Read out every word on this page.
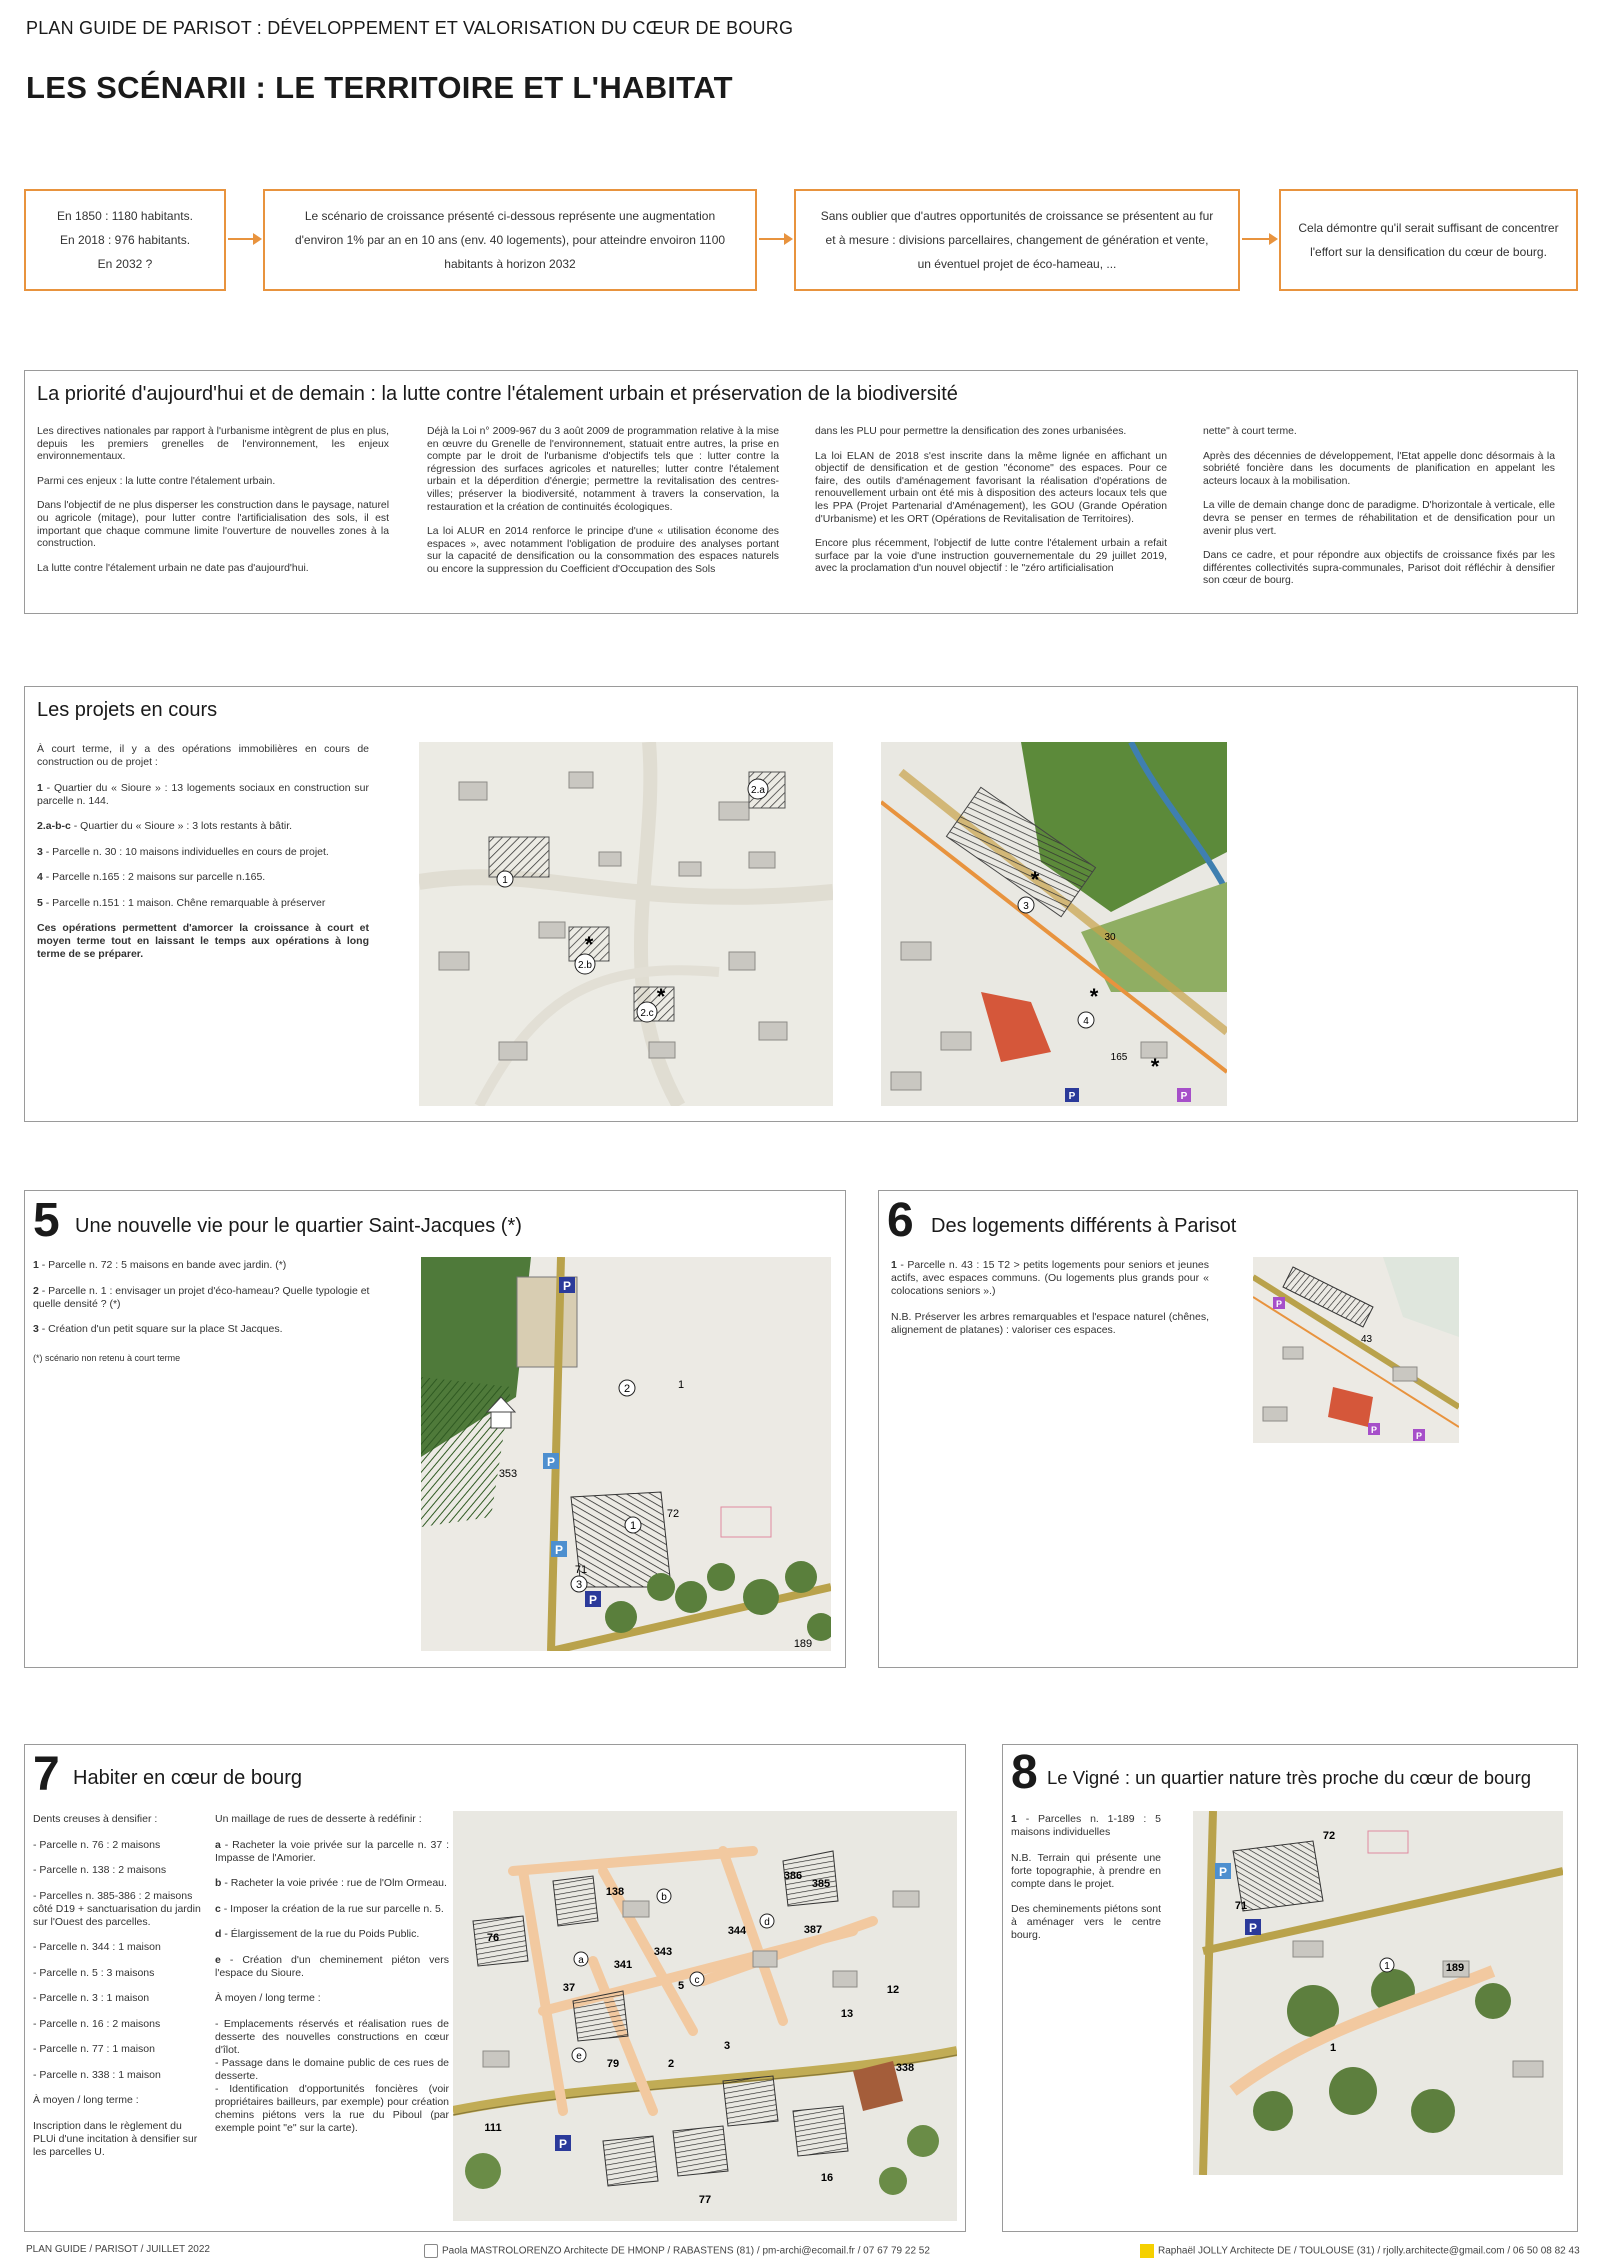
PLAN GUIDE DE PARISOT : DÉVELOPPEMENT ET VALORISATION DU CŒUR DE BOURG
LES SCÉNARII : LE TERRITOIRE ET L'HABITAT
En 1850 : 1180 habitants.
En 2018 : 976 habitants.
En 2032 ?
Le scénario de croissance présenté ci-dessous représente une augmentation
d'environ 1% par an en 10 ans (env. 40 logements), pour atteindre envoiron 1100
habitants à horizon 2032
Sans oublier que d'autres opportunités de croissance se présentent au fur
et à mesure : divisions parcellaires, changement de génération et vente,
un éventuel projet de éco-hameau, ...
Cela démontre qu'il serait suffisant de concentrer
l'effort sur la densification du cœur de bourg.
La priorité d'aujourd'hui et de demain : la lutte contre l'étalement urbain et préservation de la biodiversité

Les directives nationales par rapport à l'urbanisme intègrent de plus en plus, depuis les premiers grenelles de l'environnement, les enjeux environnementaux.

Parmi ces enjeux : la lutte contre l'étalement urbain.

Dans l'objectif de ne plus disperser les construction dans le paysage, naturel ou agricole (mitage), pour lutter contre l'artificialisation des sols, il est important que chaque commune limite l'ouverture de nouvelles zones à la construction.

La lutte contre l'étalement urbain ne date pas d'aujourd'hui.

Déjà la Loi n° 2009-967 du 3 août 2009 de programmation relative à la mise en œuvre du Grenelle de l'environnement, statuait entre autres, la prise en compte par le droit de l'urbanisme d'objectifs tels que : lutter contre la régression des surfaces agricoles et naturelles; lutter contre l'étalement urbain et la déperdition d'énergie; permettre la revitalisation des centres-villes; préserver la biodiversité, notamment à travers la conservation, la restauration et la création de continuités écologiques.

La loi ALUR en 2014 renforce le principe d'une « utilisation économe des espaces », avec notamment l'obligation de produire des analyses portant sur la capacité de densification ou la consommation des espaces naturels ou encore la suppression du Coefficient d'Occupation des Sols

dans les PLU pour permettre la densification des zones urbanisées.

La loi ELAN de 2018 s'est inscrite dans la même lignée en affichant un objectif de densification et de gestion "économe" des espaces. Pour ce faire, des outils d'aménagement favorisant la réalisation d'opérations de renouvellement urbain ont été mis à disposition des acteurs locaux tels que les PPA (Projet Partenarial d'Aménagement), les GOU (Grande Opération d'Urbanisme) et les ORT (Opérations de Revitalisation de Territoires).

Encore plus récemment, l'objectif de lutte contre l'étalement urbain a refait surface par la voie d'une instruction gouvernementale du 29 juillet 2019, avec la proclamation d'un nouvel objectif : le "zéro artificialisation

nette" à court terme.

Après des décennies de développement, l'Etat appelle donc désormais à la sobriété foncière dans les documents de planification en appelant les acteurs locaux à la mobilisation.

La ville de demain change donc de paradigme. D'horizontale à verticale, elle devra se penser en termes de réhabilitation et de densification pour un avenir plus vert.

Dans ce cadre, et pour répondre aux objectifs de croissance fixés par les différentes collectivités supra-communales, Parisot doit réfléchir à densifier son cœur de bourg.

Les projets en cours
À court terme, il y a des opérations immobilières en cours de construction ou de projet :
1 - Quartier du « Sioure » : 13 logements sociaux en construction sur parcelle n. 144.
2.a-b-c - Quartier du « Sioure » : 3 lots restants à bâtir.
3 - Parcelle n. 30 : 10 maisons individuelles en cours de projet.
4 - Parcelle n.165 : 2 maisons sur parcelle n.165.
5 - Parcelle n.151 : 1 maison. Chêne remarquable à préserver
Ces opérations permettent d'amorcer la croissance à court et moyen terme tout en laissant le temps aux opérations à long terme de se préparer.
1
2.a
2.b
2.c
*
*
3
4
30
165
*
*
*
P	P
5 Une nouvelle vie pour le quartier Saint-Jacques (*)
1 - Parcelle n. 72 : 5 maisons en bande avec jardin. (*)
2 - Parcelle n. 1 : envisager un projet d'éco-hameau? Quelle typologie et quelle densité ? (*)
3 - Création d'un petit square sur la place St Jacques.
(*) scénario non retenu à court terme
2	1
1
72
353
71
3
189
P
P
P
P
6 Des logements différents à Parisot
1 - Parcelle n. 43 : 15 T2 > petits logements pour seniors et jeunes actifs, avec espaces communs. (Ou logements plus grands pour « colocations seniors ».)
N.B. Préserver les arbres remarquables et l'espace naturel (chênes, alignement de platanes) : valoriser ces espaces.
43
P
P
P
7 Habiter en cœur de bourg
Dents creuses à densifier :
- Parcelle n. 76 : 2 maisons
- Parcelle n. 138 : 2 maisons
- Parcelles n. 385-386 : 2 maisons côté D19 + sanctuarisation du jardin sur l'Ouest des parcelles.
- Parcelle n. 344 : 1 maison
- Parcelle n. 5 : 3 maisons
- Parcelle n. 3 : 1 maison
- Parcelle n. 16 : 2 maisons
- Parcelle n. 77 : 1 maison
- Parcelle n. 338 : 1 maison
À moyen / long terme :
Inscription dans le règlement du PLUi d'une incitation à densifier sur les parcelles U.
Un maillage de rues de desserte à redéfinir :
a - Racheter la voie privée sur la parcelle n. 37 : Impasse de l'Amorier.
b - Racheter la voie privée : rue de l'Olm Ormeau.
c - Imposer la création de la rue sur parcelle n. 5.
d - Élargissement de la rue du Poids Public.
e - Création d'un cheminement piéton vers l'espace du Sioure.
À moyen / long terme :
- Emplacements réservés et réalisation rues de desserte des nouvelles constructions en cœur d'îlot.
- Passage dans le domaine public de ces rues de desserte.
- Identification d'opportunités foncières (voir propriétaires bailleurs, par exemple) pour création chemins piétons vers la rue du Piboul (par exemple point "e" sur la carte).
138
76
37
341
343
344
386
385
387
5
3
2
12
13
79	338
111
77
16
a
b
c
d
e
P
8 Le Vigné : un quartier nature très proche du cœur de bourg
1 - Parcelles n. 1-189 : 5 maisons individuelles
N.B. Terrain qui présente une forte topographie, à prendre en compte dans le projet.
Des cheminements piétons sont à aménager vers le centre bourg.
72
71
189
1
1
P
P
PLAN GUIDE / PARISOT / JUILLET 2022	Paola MASTROLORENZO Architecte DE HMONP / RABASTENS (81) / pm-archi@ecomail.fr / 07 67 79 22 52	Raphaël JOLLY Architecte DE / TOULOUSE (31) / rjolly.architecte@gmail.com / 06 50 08 82 43
